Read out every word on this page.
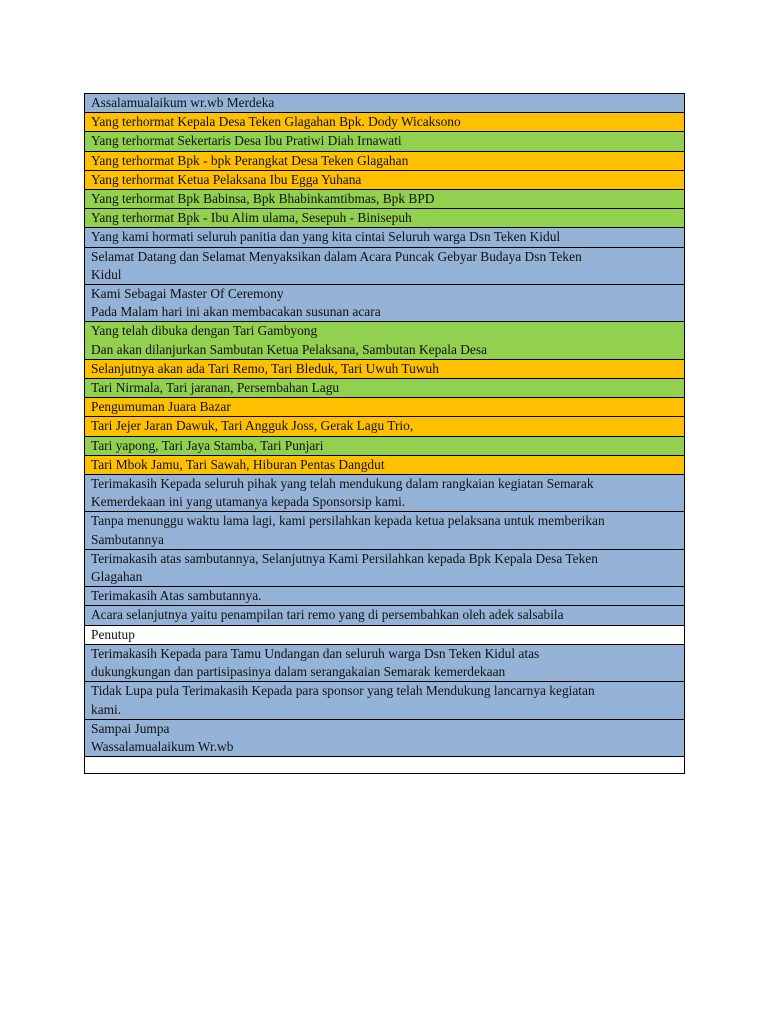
Assalamualaikum wr.wb Merdeka
Yang terhormat Kepala Desa Teken Glagahan Bpk. Dody Wicaksono
Yang terhormat Sekertaris Desa Ibu Pratiwi Diah Irnawati
Yang terhormat Bpk - bpk Perangkat Desa Teken Glagahan
Yang terhormat Ketua Pelaksana Ibu Egga Yuhana
Yang terhormat Bpk Babinsa, Bpk Bhabinkamtibmas, Bpk BPD
Yang terhormat Bpk - Ibu Alim ulama, Sesepuh - Binisepuh
Yang kami hormati seluruh panitia dan yang kita cintai Seluruh warga Dsn Teken Kidul
Selamat Datang dan Selamat Menyaksikan dalam Acara Puncak Gebyar Budaya Dsn Teken
Kidul
Kami Sebagai Master Of Ceremony
Pada Malam hari ini akan membacakan susunan acara
Yang telah dibuka dengan Tari Gambyong
Dan akan dilanjurkan Sambutan Ketua Pelaksana, Sambutan Kepala Desa
Selanjutnya akan ada Tari Remo, Tari Bleduk, Tari Uwuh Tuwuh
Tari Nirmala, Tari jaranan, Persembahan Lagu
Pengumuman Juara Bazar
Tari Jejer Jaran Dawuk, Tari Angguk Joss, Gerak Lagu Trio,
Tari yapong, Tari Jaya Stamba, Tari Punjari
Tari Mbok Jamu, Tari Sawah, Hiburan Pentas Dangdut
Terimakasih Kepada seluruh pihak yang telah mendukung dalam rangkaian kegiatan Semarak
Kemerdekaan ini yang utamanya kepada Sponsorsip kami.
Tanpa menunggu waktu lama lagi, kami persilahkan kepada ketua pelaksana untuk memberikan
Sambutannya
Terimakasih atas sambutannya, Selanjutnya Kami Persilahkan kepada Bpk Kepala Desa Teken
Glagahan
Terimakasih Atas sambutannya.
Acara selanjutnya yaitu penampilan tari remo yang di persembahkan oleh adek salsabila
Penutup
Terimakasih Kepada para Tamu Undangan dan seluruh warga Dsn Teken Kidul atas
dukungkungan dan partisipasinya dalam serangakaian Semarak kemerdekaan
Tidak Lupa pula Terimakasih Kepada para sponsor yang telah Mendukung lancarnya kegiatan
kami.
Sampai Jumpa
Wassalamualaikum Wr.wb
